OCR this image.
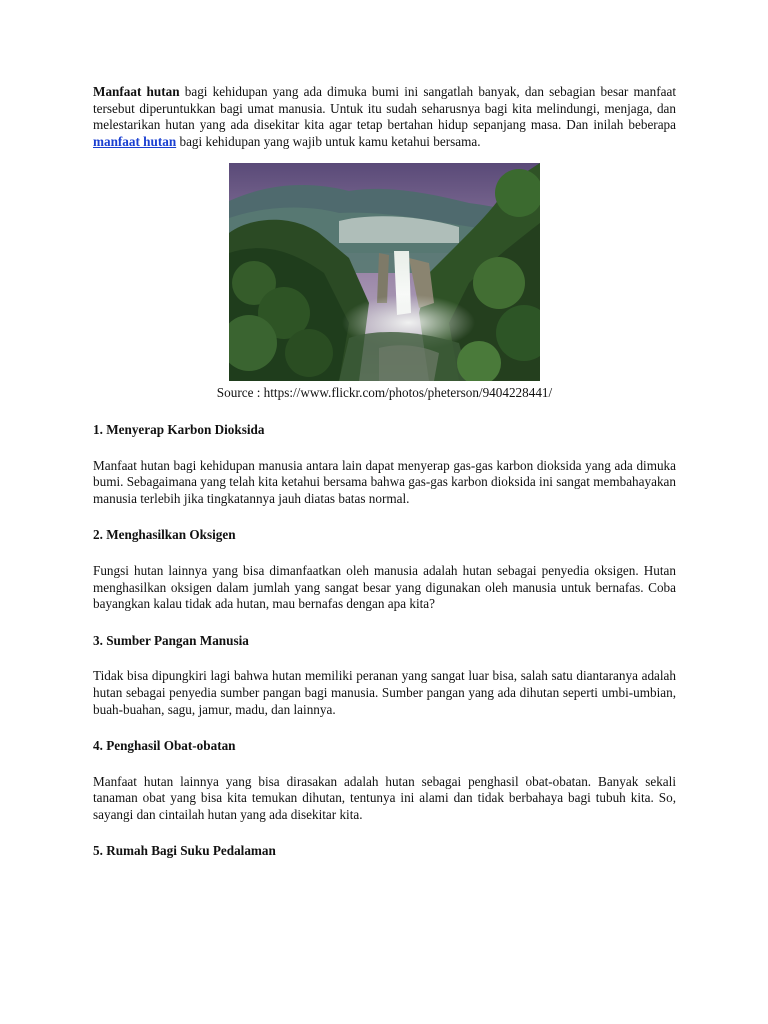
Manfaat hutan bagi kehidupan yang ada dimuka bumi ini sangatlah banyak, dan sebagian besar manfaat tersebut diperuntukkan bagi umat manusia. Untuk itu sudah seharusnya bagi kita melindungi, menjaga, dan melestarikan hutan yang ada disekitar kita agar tetap bertahan hidup sepanjang masa. Dan inilah beberapa manfaat hutan bagi kehidupan yang wajib untuk kamu ketahui bersama.

Source : https://www.flickr.com/photos/pheterson/9404228441/
1. Menyerap Karbon Dioksida

Manfaat hutan bagi kehidupan manusia antara lain dapat menyerap gas-gas karbon dioksida yang ada dimuka bumi. Sebagaimana yang telah kita ketahui bersama bahwa gas-gas karbon dioksida ini sangat membahayakan manusia terlebih jika tingkatannya jauh diatas batas normal.

2. Menghasilkan Oksigen

Fungsi hutan lainnya yang bisa dimanfaatkan oleh manusia adalah hutan sebagai penyedia oksigen. Hutan menghasilkan oksigen dalam jumlah yang sangat besar yang digunakan oleh manusia untuk bernafas. Coba bayangkan kalau tidak ada hutan, mau bernafas dengan apa kita?

3. Sumber Pangan Manusia

Tidak bisa dipungkiri lagi bahwa hutan memiliki peranan yang sangat luar bisa, salah satu diantaranya adalah hutan sebagai penyedia sumber pangan bagi manusia. Sumber pangan yang ada dihutan seperti umbi-umbian, buah-buahan, sagu, jamur, madu, dan lainnya.

4. Penghasil Obat-obatan

Manfaat hutan lainnya yang bisa dirasakan adalah hutan sebagai penghasil obat-obatan. Banyak sekali tanaman obat yang bisa kita temukan dihutan, tentunya ini alami dan tidak berbahaya bagi tubuh kita. So, sayangi dan cintailah hutan yang ada disekitar kita.

5. Rumah Bagi Suku Pedalaman
